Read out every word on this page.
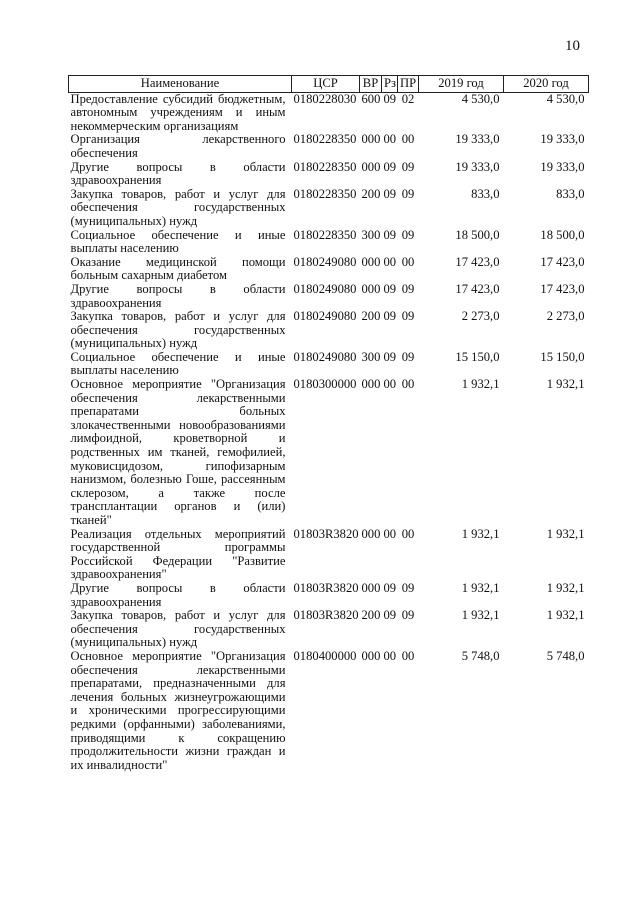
10
Наименование	ЦСР	ВР	Рз	ПР	2019 год	2020 год
Предоставление субсидий бюджетным, автономным учреждениям и иным некоммерческим организациям	0180228030	600	09	02	4 530,0	4 530,0
Организация лекарственного обеспечения	0180228350	000	00	00	19 333,0	19 333,0
Другие вопросы в области здравоохранения	0180228350	000	09	09	19 333,0	19 333,0
Закупка товаров, работ и услуг для обеспечения государственных (муниципальных) нужд	0180228350	200	09	09	833,0	833,0
Социальное обеспечение и иные выплаты населению	0180228350	300	09	09	18 500,0	18 500,0
Оказание медицинской помощи больным сахарным диабетом	0180249080	000	00	00	17 423,0	17 423,0
Другие вопросы в области здравоохранения	0180249080	000	09	09	17 423,0	17 423,0
Закупка товаров, работ и услуг для обеспечения государственных (муниципальных) нужд	0180249080	200	09	09	2 273,0	2 273,0
Социальное обеспечение и иные выплаты населению	0180249080	300	09	09	15 150,0	15 150,0
Основное мероприятие "Организация обеспечения лекарственными препаратами больных злокачественными новообразованиями лимфоидной, кроветворной и родственных им тканей, гемофилией, муковисцидозом, гипофизарным нанизмом, болезнью Гоше, рассеянным склерозом, а также после трансплантации органов и (или) тканей"	0180300000	000	00	00	1 932,1	1 932,1
Реализация отдельных мероприятий государственной программы Российской Федерации "Развитие здравоохранения"	01803R3820	000	00	00	1 932,1	1 932,1
Другие вопросы в области здравоохранения	01803R3820	000	09	09	1 932,1	1 932,1
Закупка товаров, работ и услуг для обеспечения государственных (муниципальных) нужд	01803R3820	200	09	09	1 932,1	1 932,1
Основное мероприятие "Организация обеспечения лекарственными препаратами, предназначенными для лечения больных жизнеугрожающими и хроническими прогрессирующими редкими (орфанными) заболеваниями, приводящими к сокращению продолжительности жизни граждан и их инвалидности"	0180400000	000	00	00	5 748,0	5 748,0
